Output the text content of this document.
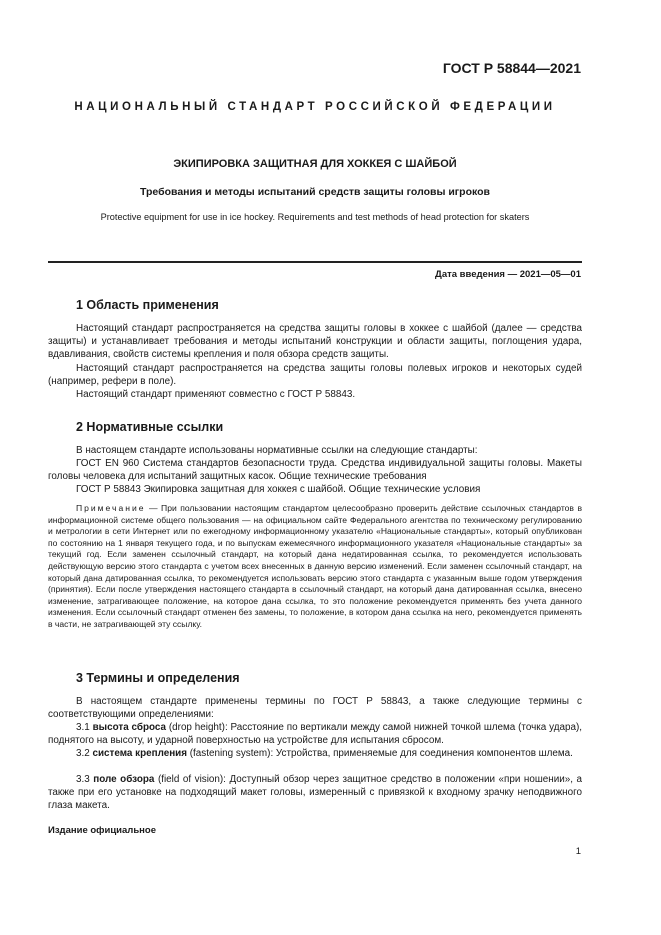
ГОСТ Р 58844—2021
НАЦИОНАЛЬНЫЙ СТАНДАРТ РОССИЙСКОЙ ФЕДЕРАЦИИ
ЭКИПИРОВКА ЗАЩИТНАЯ ДЛЯ ХОККЕЯ С ШАЙБОЙ
Требования и методы испытаний средств защиты головы игроков
Protective equipment for use in ice hockey. Requirements and test methods of head protection for skaters
Дата введения — 2021—05—01
1 Область применения

Настоящий стандарт распространяется на средства защиты головы в хоккее с шайбой (далее — средства защиты) и устанавливает требования и методы испытаний конструкции и области защиты, поглощения удара, вдавливания, свойств системы крепления и поля обзора средств защиты.

Настоящий стандарт распространяется на средства защиты головы полевых игроков и некоторых судей (например, рефери в поле).

Настоящий стандарт применяют совместно с ГОСТ Р 58843.

2 Нормативные ссылки

В настоящем стандарте использованы нормативные ссылки на следующие стандарты:

ГОСТ EN 960 Система стандартов безопасности труда. Средства индивидуальной защиты головы. Макеты головы человека для испытаний защитных касок. Общие технические требования

ГОСТ Р 58843 Экипировка защитная для хоккея с шайбой. Общие технические условия

Примечание — При пользовании настоящим стандартом целесообразно проверить действие ссылочных стандартов в информационной системе общего пользования — на официальном сайте Федерального агентства по техническому регулированию и метрологии в сети Интернет или по ежегодному информационному указателю «Национальные стандарты», который опубликован по состоянию на 1 января текущего года, и по выпускам ежемесячного информационного указателя «Национальные стандарты» за текущий год. Если заменен ссылочный стандарт, на который дана недатированная ссылка, то рекомендуется использовать действующую версию этого стандарта с учетом всех внесенных в данную версию изменений. Если заменен ссылочный стандарт, на который дана датированная ссылка, то рекомендуется использовать версию этого стандарта с указанным выше годом утверждения (принятия). Если после утверждения настоящего стандарта в ссылочный стандарт, на который дана датированная ссылка, внесено изменение, затрагивающее положение, на которое дана ссылка, то это положение рекомендуется применять без учета данного изменения. Если ссылочный стандарт отменен без замены, то положение, в котором дана ссылка на него, рекомендуется применять в части, не затрагивающей эту ссылку.

3 Термины и определения

В настоящем стандарте применены термины по ГОСТ Р 58843, а также следующие термины с соответствующими определениями:

3.1 высота сброса (drop height): Расстояние по вертикали между самой нижней точкой шлема (точка удара), поднятого на высоту, и ударной поверхностью на устройстве для испытания сбросом.

3.2 система крепления (fastening system): Устройства, применяемые для соединения компонентов шлема.

3.3 поле обзора (field of vision): Доступный обзор через защитное средство в положении «при ношении», а также при его установке на подходящий макет головы, измеренный с привязкой к входному зрачку неподвижного глаза макета.

Издание официальное
1
